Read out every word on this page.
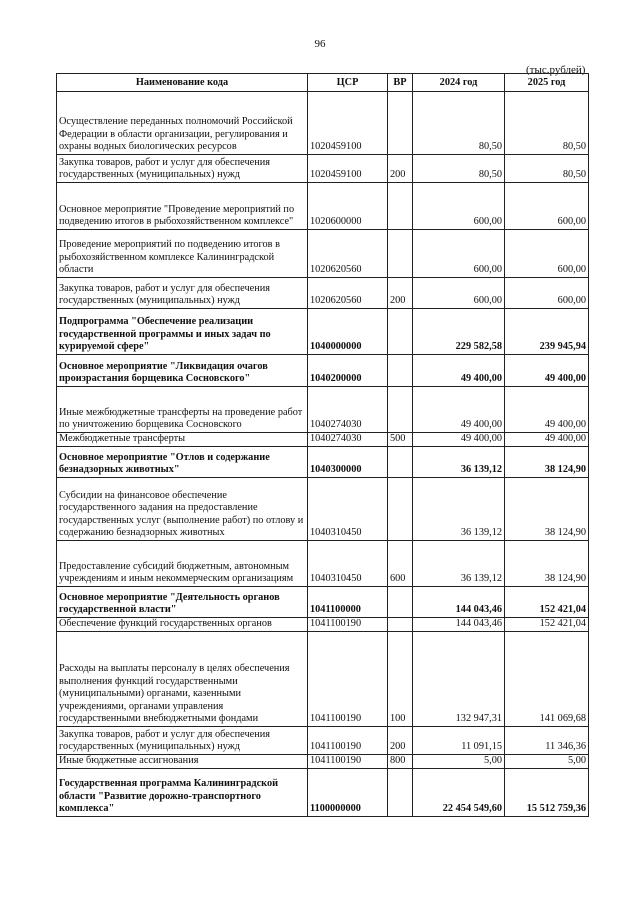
96
(тыс.рублей)
Наименование кода	ЦСР	ВР	2024 год	2025 год
Осуществление переданных полномочий Российской Федерации в области организации, регулирования и охраны водных биологических ресурсов	1020459100		80,50	80,50
Закупка товаров, работ и услуг для обеспечения государственных (муниципальных) нужд	1020459100	200	80,50	80,50
Основное мероприятие "Проведение мероприятий по подведению итогов в рыбохозяйственном комплексе"	1020600000		600,00	600,00
Проведение мероприятий по подведению итогов в рыбохозяйственном комплексе Калининградской области	1020620560		600,00	600,00
Закупка товаров, работ и услуг для обеспечения государственных (муниципальных) нужд	1020620560	200	600,00	600,00
Подпрограмма "Обеспечение реализации государственной программы и иных задач по курируемой сфере"	1040000000		229 582,58	239 945,94
Основное мероприятие "Ликвидация очагов произрастания борщевика Сосновского"	1040200000		49 400,00	49 400,00
Иные межбюджетные трансферты на проведение работ по уничтожению борщевика Сосновского	1040274030		49 400,00	49 400,00
Межбюджетные трансферты	1040274030	500	49 400,00	49 400,00
Основное мероприятие "Отлов и содержание безнадзорных животных"	1040300000		36 139,12	38 124,90
Субсидии на финансовое обеспечение государственного задания на предоставление государственных услуг (выполнение работ) по отлову и содержанию безнадзорных животных	1040310450		36 139,12	38 124,90
Предоставление субсидий бюджетным, автономным учреждениям и иным некоммерческим организациям	1040310450	600	36 139,12	38 124,90
Основное мероприятие "Деятельность органов государственной власти"	1041100000		144 043,46	152 421,04
Обеспечение функций государственных органов	1041100190		144 043,46	152 421,04
Расходы на выплаты персоналу в целях обеспечения выполнения функций государственными (муниципальными) органами, казенными учреждениями, органами управления государственными внебюджетными фондами	1041100190	100	132 947,31	141 069,68
Закупка товаров, работ и услуг для обеспечения государственных (муниципальных) нужд	1041100190	200	11 091,15	11 346,36
Иные бюджетные ассигнования	1041100190	800	5,00	5,00
Государственная программа Калининградской области "Развитие дорожно-транспортного комплекса"	1100000000		22 454 549,60	15 512 759,36
